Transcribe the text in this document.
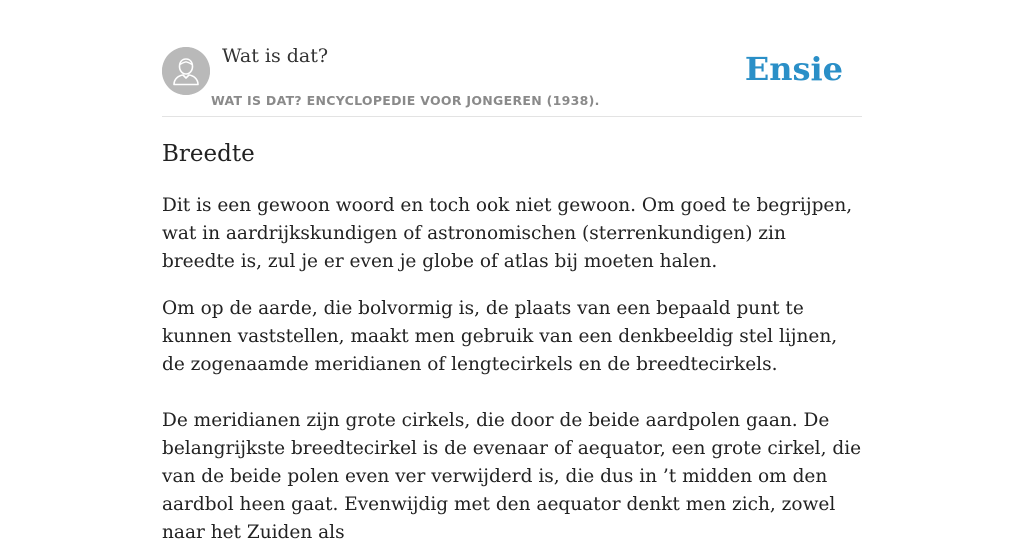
Wat is dat?
WAT IS DAT? ENCYCLOPEDIE VOOR JONGEREN (1938).
Ensie
Breedte

Dit is een gewoon woord en toch ook niet gewoon. Om goed te begrijpen, wat in aardrijkskundigen of astronomischen (sterrenkundigen) zin breedte is, zul je er even je globe of atlas bij moeten halen.

Om op de aarde, die bolvormig is, de plaats van een bepaald punt te kunnen vaststellen, maakt men gebruik van een denkbeeldig stel lijnen, de zogenaamde meridianen of lengtecirkels en de breedtecirkels.

De meridianen zijn grote cirkels, die door de beide aardpolen gaan. De belangrijkste breedtecirkel is de evenaar of aequator, een grote cirkel, die van de beide polen even ver verwijderd is, die dus in ’t midden om den aardbol heen gaat. Evenwijdig met den aequator denkt men zich, zowel naar het Zuiden als
